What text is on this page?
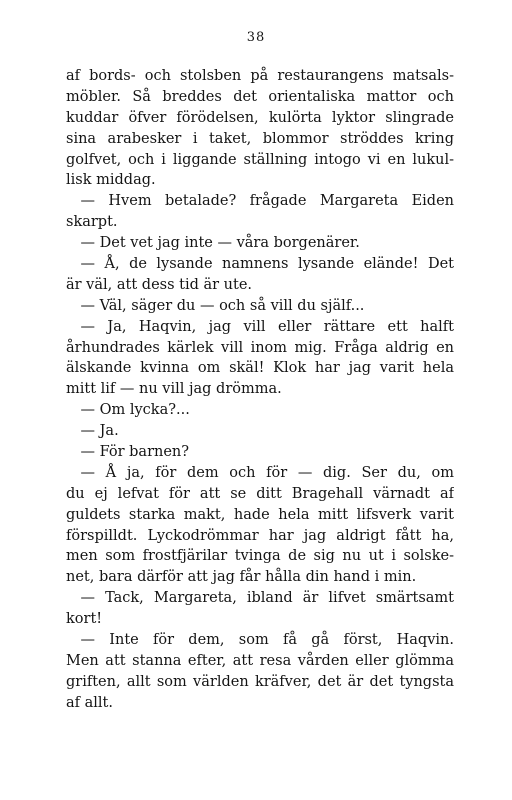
38
af bords- och stolsben på restaurangens matsals-
möbler. Så breddes det orientaliska mattor och
kuddar öfver förödelsen, kulörta lyktor slingrade
sina arabesker i taket, blommor ströddes kring
golfvet, och i liggande ställning intogo vi en lukul-
lisk middag.
 — Hvem betalade? frågade Margareta Eiden
skarpt.
 — Det vet jag inte — våra borgenärer.
 — Å, de lysande namnens lysande elände! Det
är väl, att dess tid är ute.
 — Väl, säger du — och så vill du själf...
 — Ja, Haqvin, jag vill eller rättare ett halft
århundrades kärlek vill inom mig. Fråga aldrig en
älskande kvinna om skäl! Klok har jag varit hela
mitt lif — nu vill jag drömma.
 — Om lycka?...
 — Ja.
 — För barnen?
 — Å ja, för dem och för — dig. Ser du, om
du ej lefvat för att se ditt Bragehall värnadt af
guldets starka makt, hade hela mitt lifsverk varit
förspilldt. Lyckodrömmar har jag aldrigt fått ha,
men som frostfjärilar tvinga de sig nu ut i solske-
net, bara därför att jag får hålla din hand i min.
 — Tack, Margareta, ibland är lifvet smärtsamt
kort!
 — Inte för dem, som få gå först, Haqvin.
Men att stanna efter, att resa vården eller glömma
griften, allt som världen kräfver, det är det tyngsta
af allt.
